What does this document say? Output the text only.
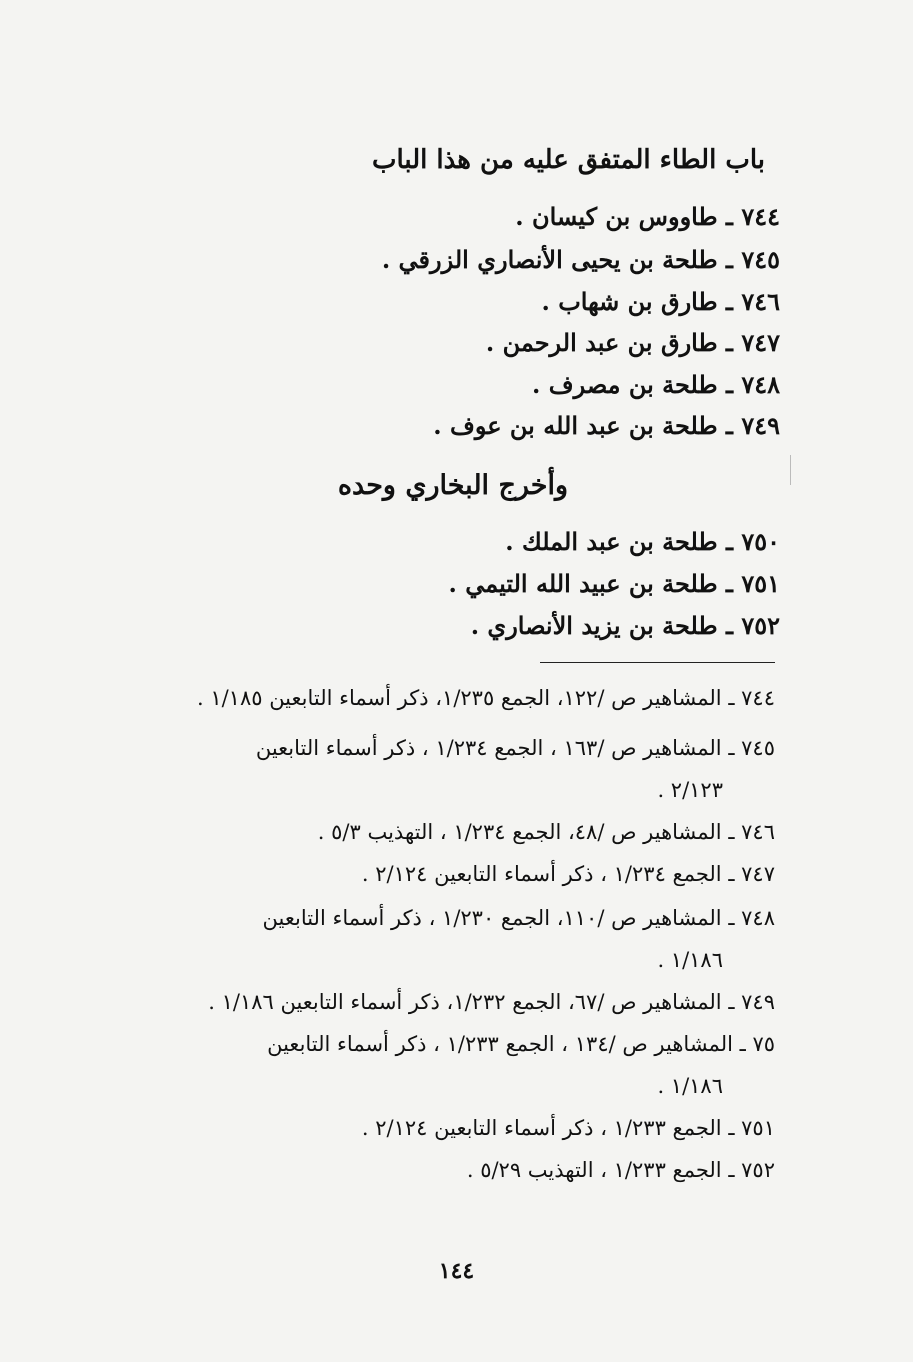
باب الطاء المتفق عليه من هذا الباب
٧٤٤ ـ طاووس بن كيسان .
٧٤٥ ـ طلحة بن يحيى الأنصاري الزرقي .
٧٤٦ ـ طارق بن شهاب .
٧٤٧ ـ طارق بن عبد الرحمن .
٧٤٨ ـ طلحة بن مصرف .
٧٤٩ ـ طلحة بن عبد الله بن عوف .
وأخرج البخاري وحده
٧٥٠ ـ طلحة بن عبد الملك .
٧٥١ ـ طلحة بن عبيد الله التيمي .
٧٥٢ ـ طلحة بن يزيد الأنصاري .
٧٤٤ ـ المشاهير ص /١٢٢، الجمع ١/٢٣٥، ذكر أسماء التابعين ١/١٨٥ .
٧٤٥ ـ المشاهير ص /١٦٣ ، الجمع ١/٢٣٤ ، ذكر أسماء التابعين
٢/١٢٣ .
٧٤٦ ـ المشاهير ص /٤٨، الجمع ١/٢٣٤ ، التهذيب ٥/٣ .
٧٤٧ ـ الجمع ١/٢٣٤ ، ذكر أسماء التابعين ٢/١٢٤ .
٧٤٨ ـ المشاهير ص /١١٠، الجمع ١/٢٣٠ ، ذكر أسماء التابعين
١/١٨٦ .
٧٤٩ ـ المشاهير ص /٦٧، الجمع ١/٢٣٢، ذكر أسماء التابعين ١/١٨٦ .
٧٥ ـ المشاهير ص /١٣٤ ، الجمع ١/٢٣٣ ، ذكر أسماء التابعين
١/١٨٦ .
٧٥١ ـ الجمع ١/٢٣٣ ، ذكر أسماء التابعين ٢/١٢٤ .
٧٥٢ ـ الجمع ١/٢٣٣ ، التهذيب ٥/٢٩ .
١٤٤
